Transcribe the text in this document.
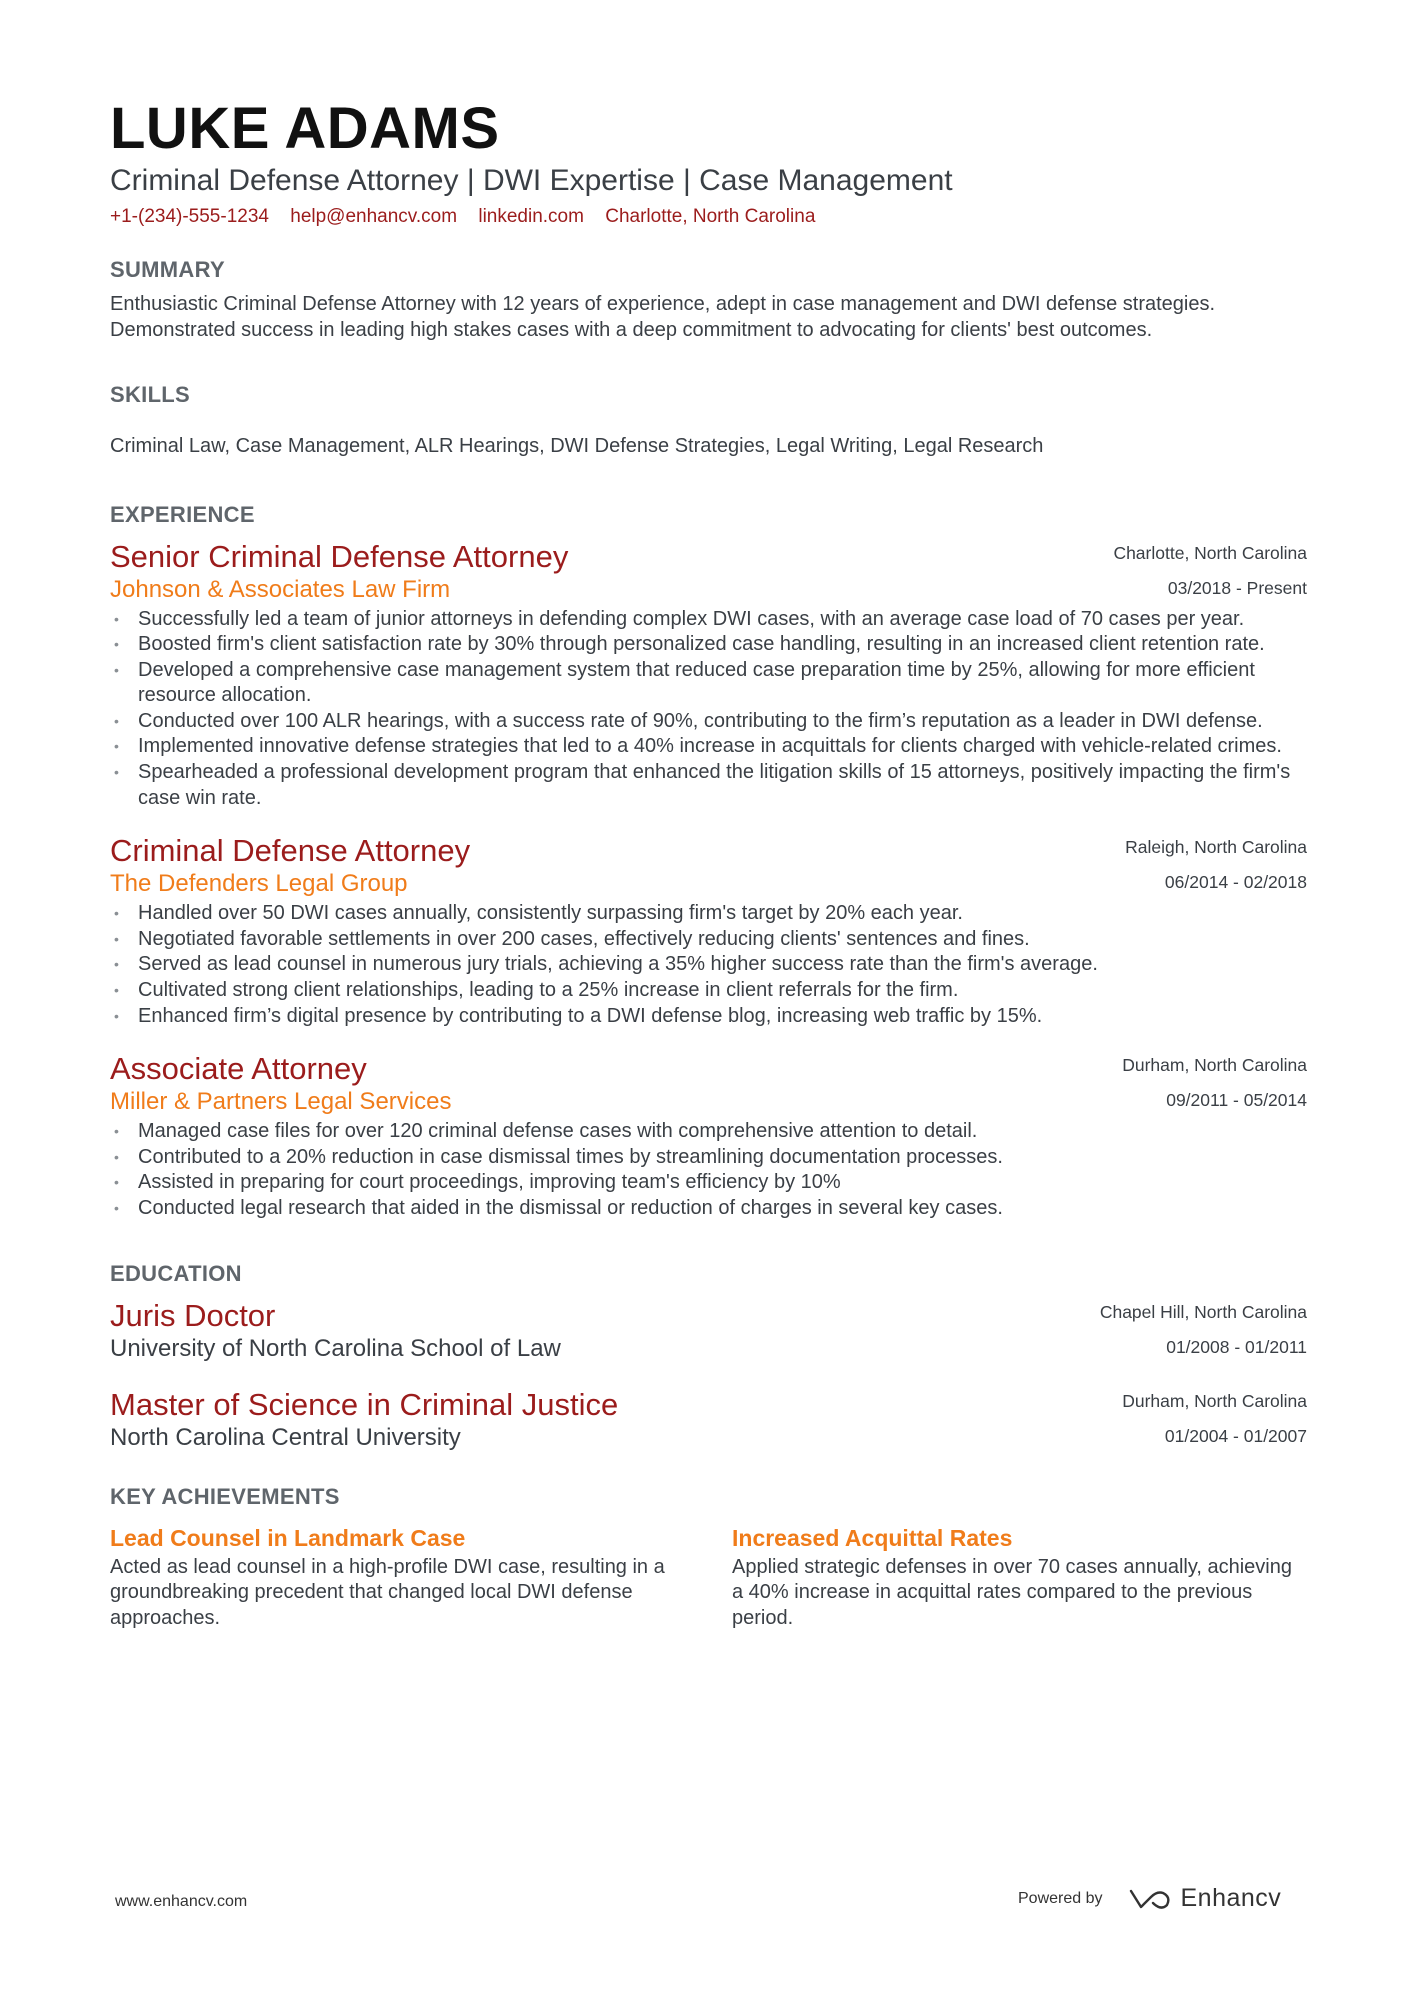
LUKE ADAMS
Criminal Defense Attorney | DWI Expertise | Case Management
+1-(234)-555-1234 help@enhancv.com linkedin.com Charlotte, North Carolina
SUMMARY
Enthusiastic Criminal Defense Attorney with 12 years of experience, adept in case management and DWI defense strategies. Demonstrated success in leading high stakes cases with a deep commitment to advocating for clients' best outcomes.
SKILLS
Criminal Law, Case Management, ALR Hearings, DWI Defense Strategies, Legal Writing, Legal Research
EXPERIENCE
Charlotte, North Carolina
03/2018 - Present
Senior Criminal Defense Attorney
Johnson & Associates Law Firm
• Successfully led a team of junior attorneys in defending complex DWI cases, with an average case load of 70 cases per year.
• Boosted firm's client satisfaction rate by 30% through personalized case handling, resulting in an increased client retention rate.
• Developed a comprehensive case management system that reduced case preparation time by 25%, allowing for more efficient resource allocation.
• Conducted over 100 ALR hearings, with a success rate of 90%, contributing to the firm’s reputation as a leader in DWI defense.
• Implemented innovative defense strategies that led to a 40% increase in acquittals for clients charged with vehicle-related crimes.
• Spearheaded a professional development program that enhanced the litigation skills of 15 attorneys, positively impacting the firm's case win rate.
Raleigh, North Carolina
06/2014 - 02/2018
Criminal Defense Attorney
The Defenders Legal Group
• Handled over 50 DWI cases annually, consistently surpassing firm's target by 20% each year.
• Negotiated favorable settlements in over 200 cases, effectively reducing clients' sentences and fines.
• Served as lead counsel in numerous jury trials, achieving a 35% higher success rate than the firm's average.
• Cultivated strong client relationships, leading to a 25% increase in client referrals for the firm.
• Enhanced firm’s digital presence by contributing to a DWI defense blog, increasing web traffic by 15%.
Durham, North Carolina
09/2011 - 05/2014
Associate Attorney
Miller & Partners Legal Services
• Managed case files for over 120 criminal defense cases with comprehensive attention to detail.
• Contributed to a 20% reduction in case dismissal times by streamlining documentation processes.
• Assisted in preparing for court proceedings, improving team's efficiency by 10%
• Conducted legal research that aided in the dismissal or reduction of charges in several key cases.
EDUCATION
Chapel Hill, North Carolina
01/2008 - 01/2011
Juris Doctor
University of North Carolina School of Law
Durham, North Carolina
01/2004 - 01/2007
Master of Science in Criminal Justice
North Carolina Central University
KEY ACHIEVEMENTS
Lead Counsel in Landmark Case
Acted as lead counsel in a high-profile DWI case, resulting in a groundbreaking precedent that changed local DWI defense approaches.
Increased Acquittal Rates
Applied strategic defenses in over 70 cases annually, achieving a 40% increase in acquittal rates compared to the previous period.
www.enhancv.com	Powered by	Enhancv
